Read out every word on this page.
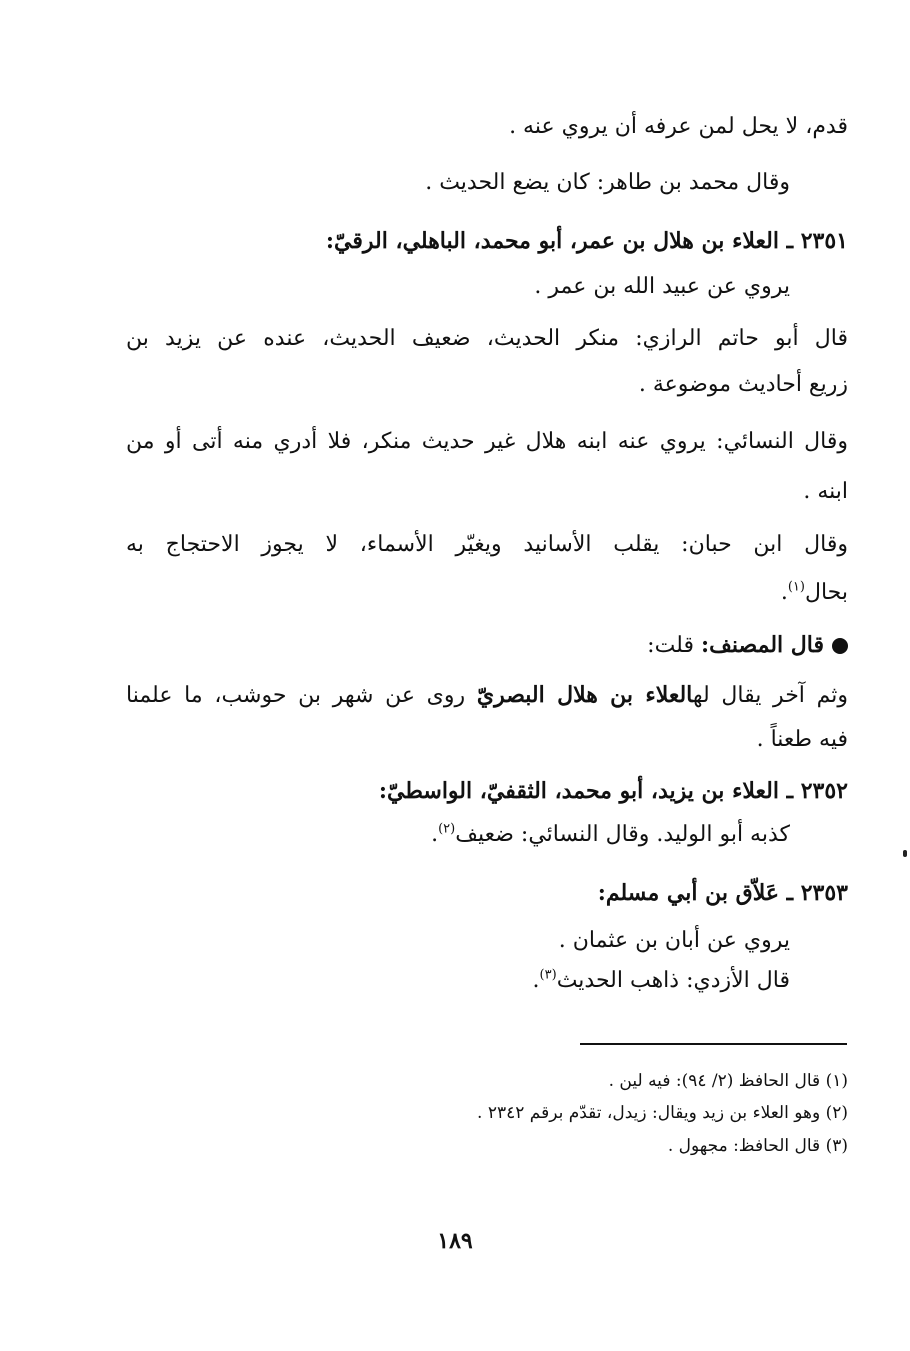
قدم، لا يحل لمن عرفه أن يروي عنه .
وقال محمد بن طاهر: كان يضع الحديث .
٢٣٥١ ـ العلاء بن هلال بن عمر، أبو محمد، الباهلي، الرقيّ:
يروي عن عبيد الله بن عمر .
قال أبو حاتم الرازي: منكر الحديث، ضعيف الحديث، عنده عن يزيد بن
زريع أحاديث موضوعة .
وقال النسائي: يروي عنه ابنه هلال غير حديث منكر، فلا أدري منه أتى أو من
ابنه .
وقال ابن حبان: يقلب الأسانيد ويغيّر الأسماء، لا يجوز الاحتجاج به
بحال$^{(١)}$.
قال المصنف: قلت:
وثم آخر يقال لهالعلاء بن هلال البصريّ روى عن شهر بن حوشب، ما علمنا
فيه طعناً .
٢٣٥٢ ـ العلاء بن يزيد، أبو محمد، الثقفيّ، الواسطيّ:
كذبه أبو الوليد. وقال النسائي: ضعيف$^{(٢)}$.
٢٣٥٣ ـ عَلاّق بن أبي مسلم:
يروي عن أبان بن عثمان .
قال الأزدي: ذاهب الحديث$^{(٣)}$.
(١) قال الحافظ (٢/ ٩٤): فيه لين .
(٢) وهو العلاء بن زيد ويقال: زيدل، تقدّم برقم ٢٣٤٢ .
(٣) قال الحافظ: مجهول .
١٨٩
